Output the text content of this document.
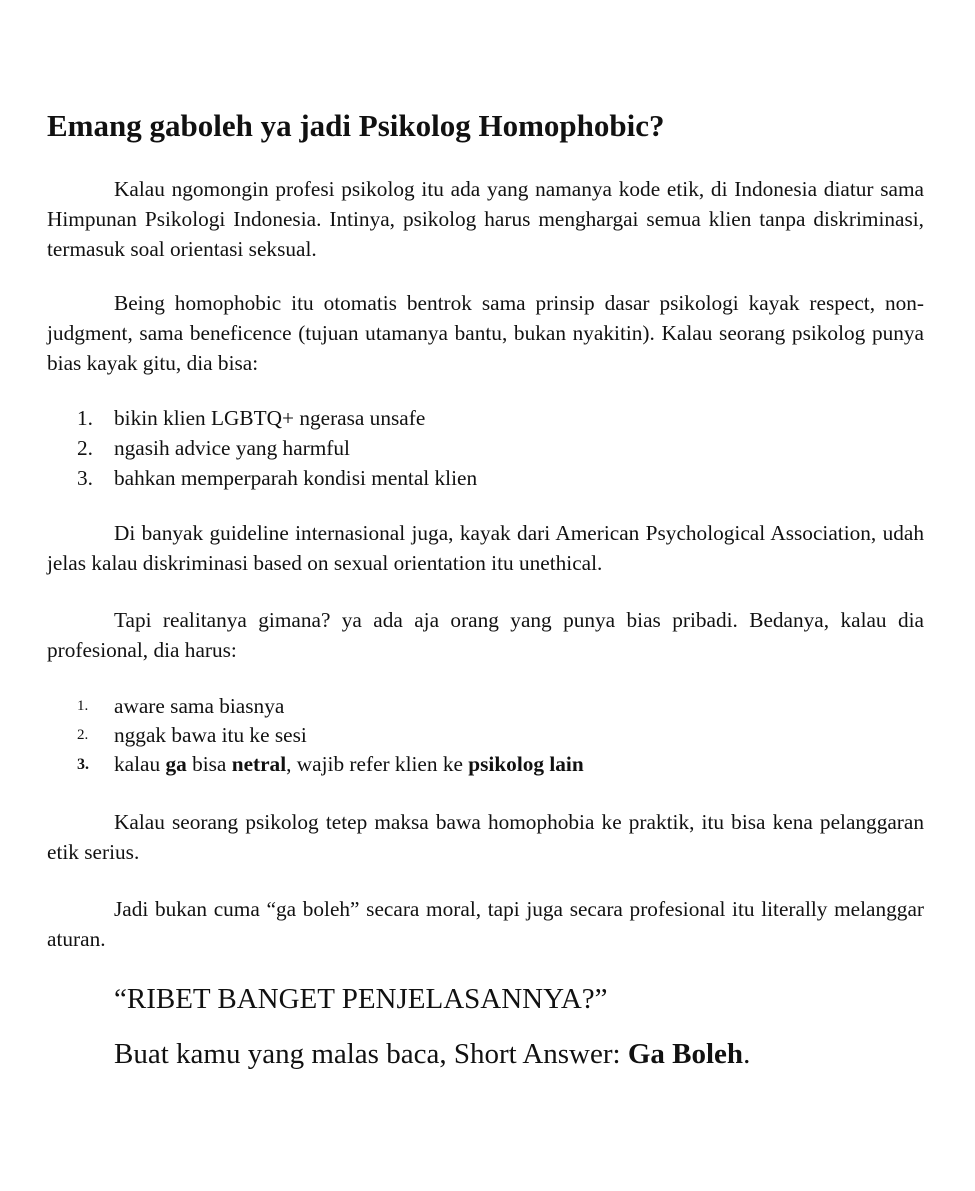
Emang gaboleh ya jadi Psikolog Homophobic?

Kalau ngomongin profesi psikolog itu ada yang namanya kode etik, di Indonesia diatur sama Himpunan Psikologi Indonesia. Intinya, psikolog harus menghargai semua klien tanpa diskriminasi, termasuk soal orientasi seksual.

Being homophobic itu otomatis bentrok sama prinsip dasar psikologi kayak respect, non-judgment, sama beneficence (tujuan utamanya bantu, bukan nyakitin). Kalau seorang psikolog punya bias kayak gitu, dia bisa:

1. bikin klien LGBTQ+ ngerasa unsafe
2. ngasih advice yang harmful
3. bahkan memperparah kondisi mental klien

Di banyak guideline internasional juga, kayak dari American Psychological Association, udah jelas kalau diskriminasi based on sexual orientation itu unethical.

Tapi realitanya gimana? ya ada aja orang yang punya bias pribadi. Bedanya, kalau dia profesional, dia harus:

1.	aware sama biasnya
2.	nggak bawa itu ke sesi
3.	kalau ga bisa netral, wajib refer klien ke psikolog lain

Kalau seorang psikolog tetep maksa bawa homophobia ke praktik, itu bisa kena pelanggaran etik serius.

Jadi bukan cuma “ga boleh” secara moral, tapi juga secara profesional itu literally melanggar aturan.

“RIBET BANGET PENJELASANNYA?”

Buat kamu yang malas baca, Short Answer: Ga Boleh.
